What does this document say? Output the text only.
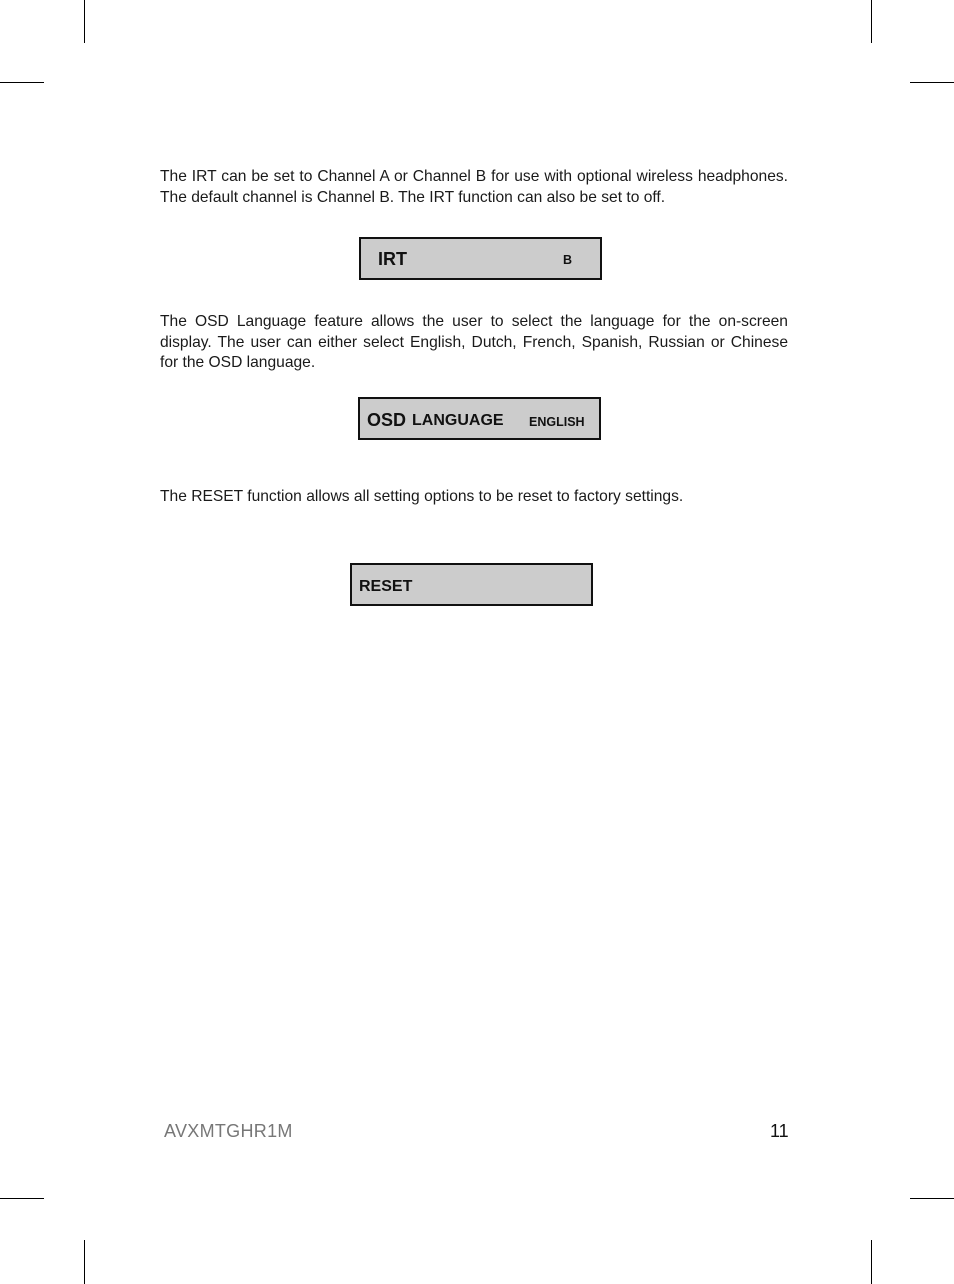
The IRT can be set to Channel A or Channel B for use with optional wireless headphones. The default channel is Channel B. The IRT function can also be set to off.

IRT	B

The OSD Language feature allows the user to select the language for the on-screen display. The user can either select English, Dutch, French, Spanish, Russian or Chinese for the OSD language.

OSD LANGUAGE ENGLISH

The RESET function allows all setting options to be reset to factory settings.

RESET
AVXMTGHR1M	11
